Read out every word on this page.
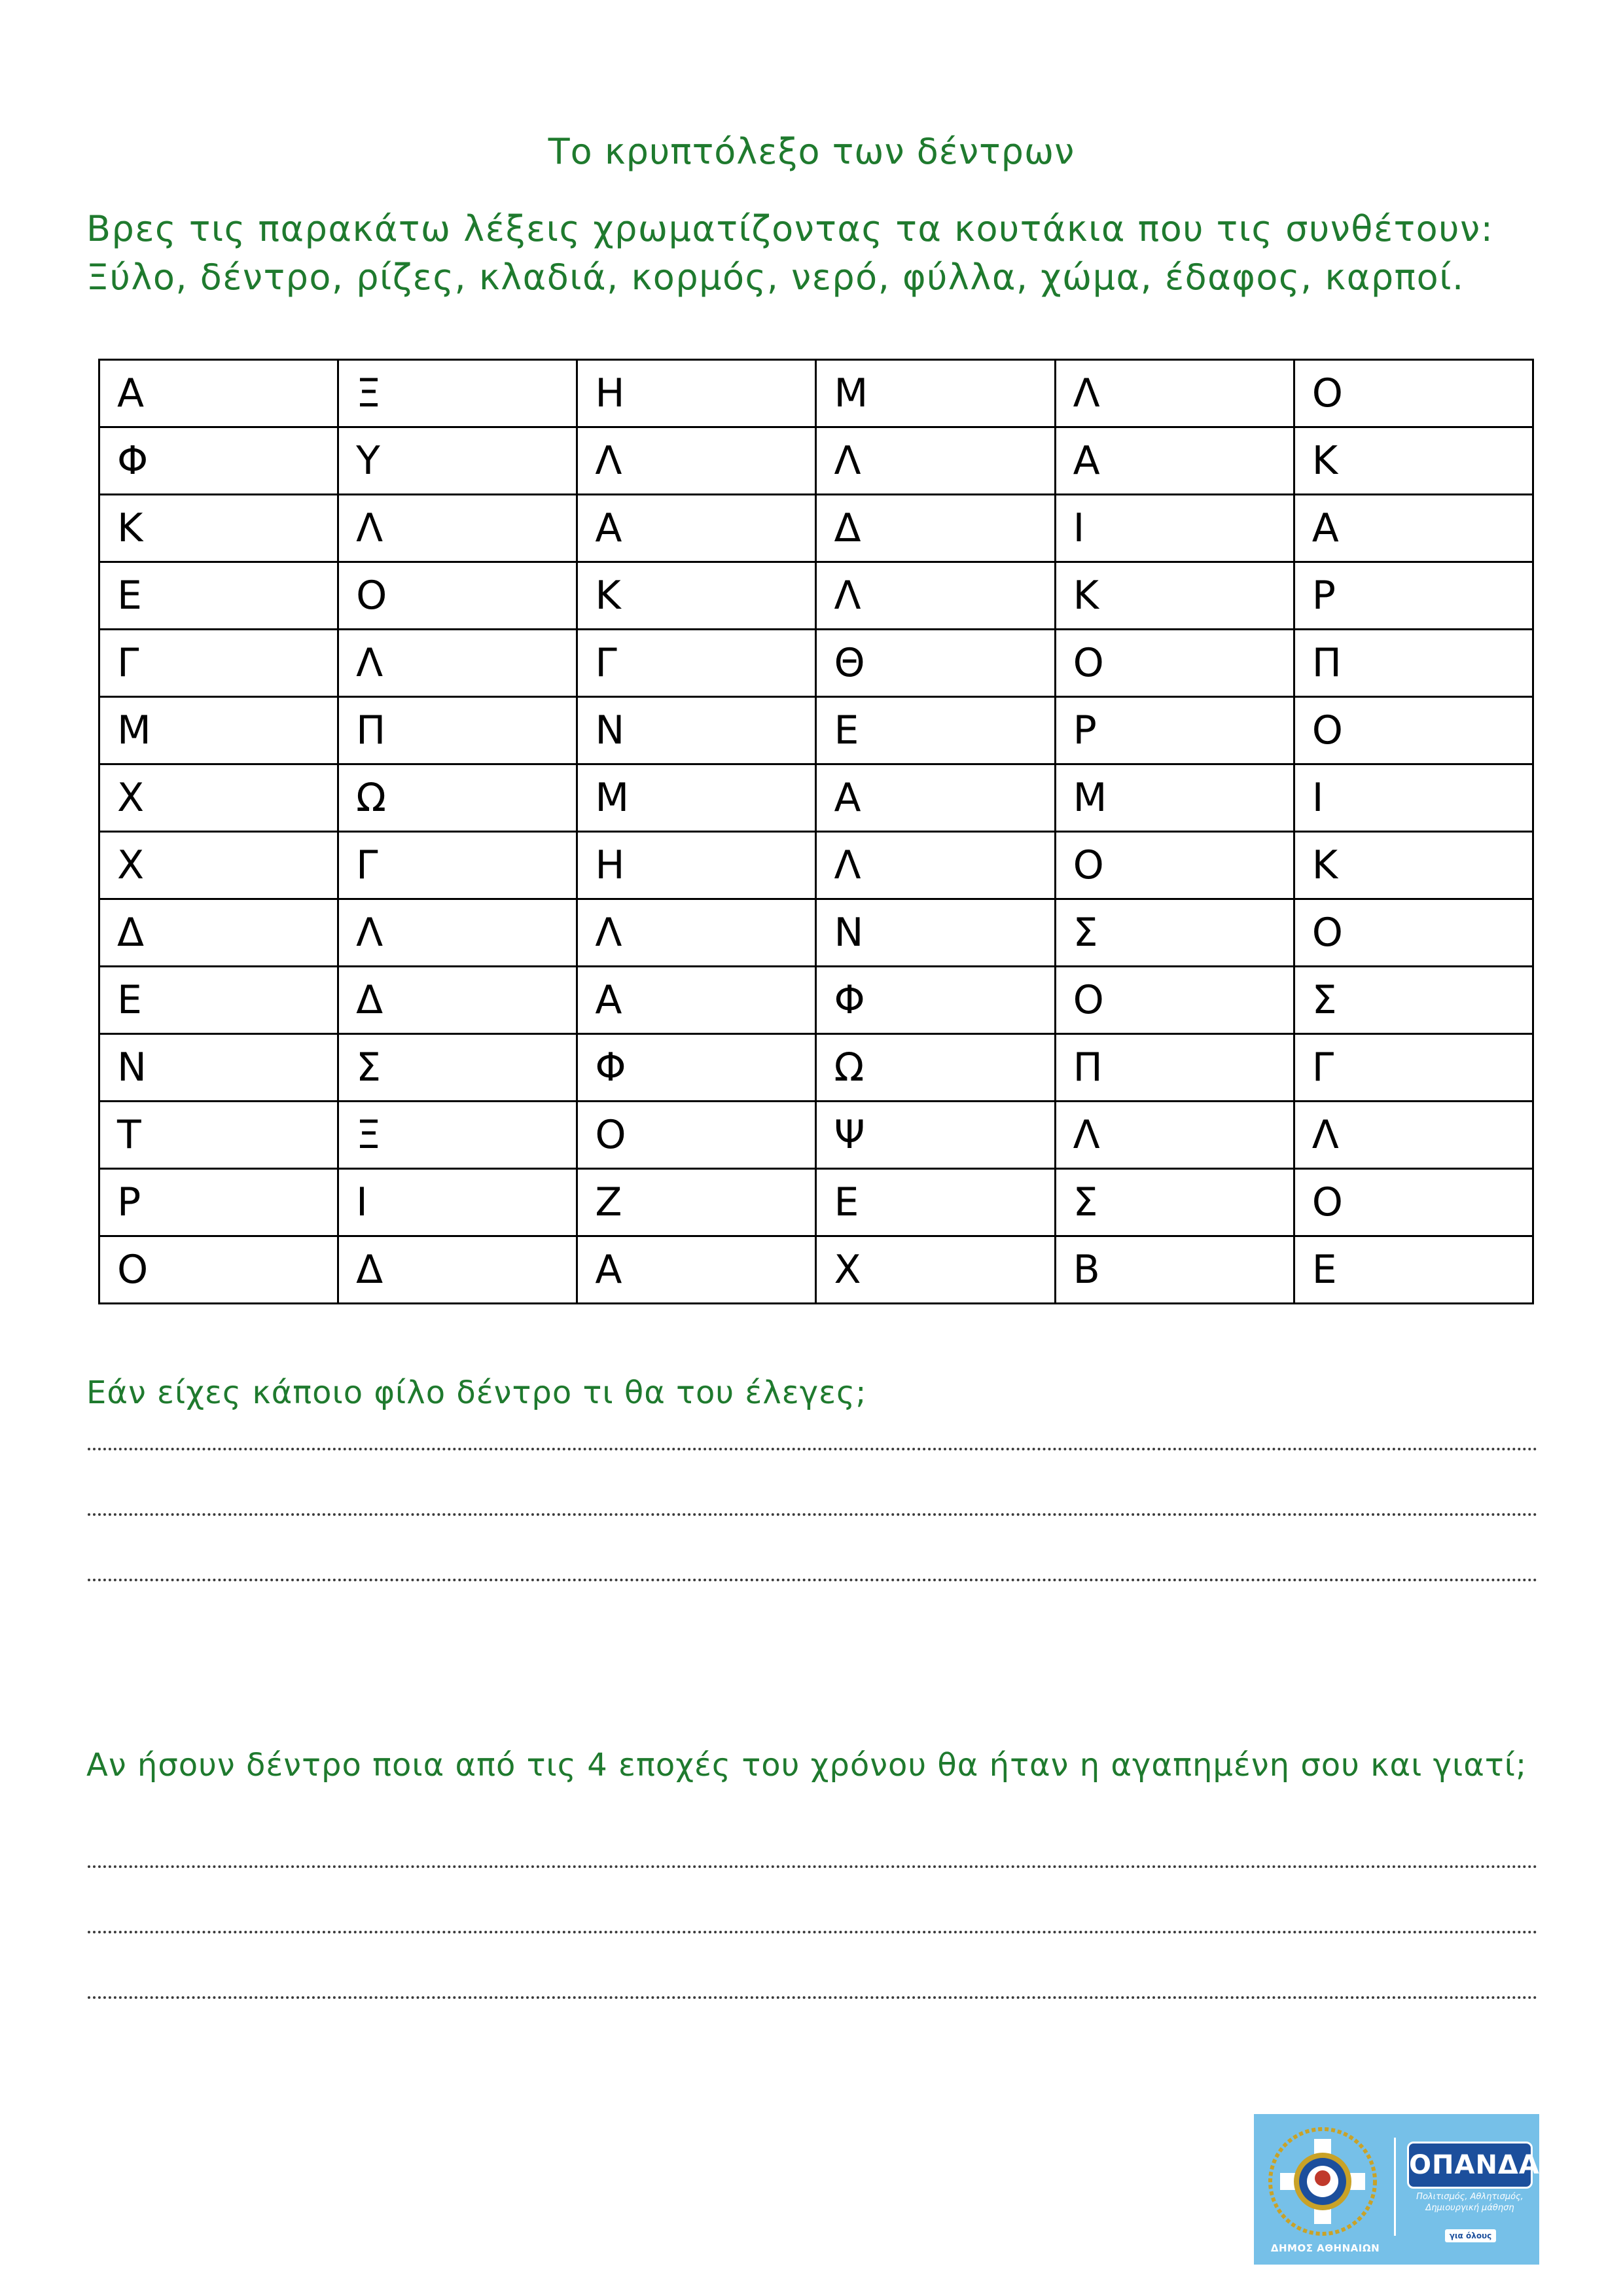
Το κρυπτόλεξο των δέντρων
Βρες τις παρακάτω λέξεις χρωματίζοντας τα κουτάκια που τις συνθέτουν:
Ξύλο, δέντρο, ρίζες, κλαδιά, κορμός, νερό, φύλλα, χώμα, έδαφος, καρποί.
Α	Ξ	Η	Μ	Λ	Ο
Φ	Υ	Λ	Λ	Α	Κ
Κ	Λ	Α	Δ	Ι	Α
Ε	Ο	Κ	Λ	Κ	Ρ
Γ	Λ	Γ	Θ	Ο	Π
Μ	Π	Ν	Ε	Ρ	Ο
Χ	Ω	Μ	Α	Μ	Ι
Χ	Γ	Η	Λ	Ο	Κ
Δ	Λ	Λ	Ν	Σ	Ο
Ε	Δ	Α	Φ	Ο	Σ
Ν	Σ	Φ	Ω	Π	Γ
Τ	Ξ	Ο	Ψ	Λ	Λ
Ρ	Ι	Ζ	Ε	Σ	Ο
Ο	Δ	Α	Χ	Β	Ε
Εάν είχες κάποιο φίλο δέντρο τι θα του έλεγες;
Αν ήσουν δέντρο ποια από τις 4 εποχές του χρόνου θα ήταν η αγαπημένη σου και γιατί;
ΔΗΜΟΣ ΑΘΗΝΑΙΩΝ
ΟΠΑΝΔΑ
Πολιτισμός, Αθλητισμός, Δημιουργική μάθηση
για όλους
